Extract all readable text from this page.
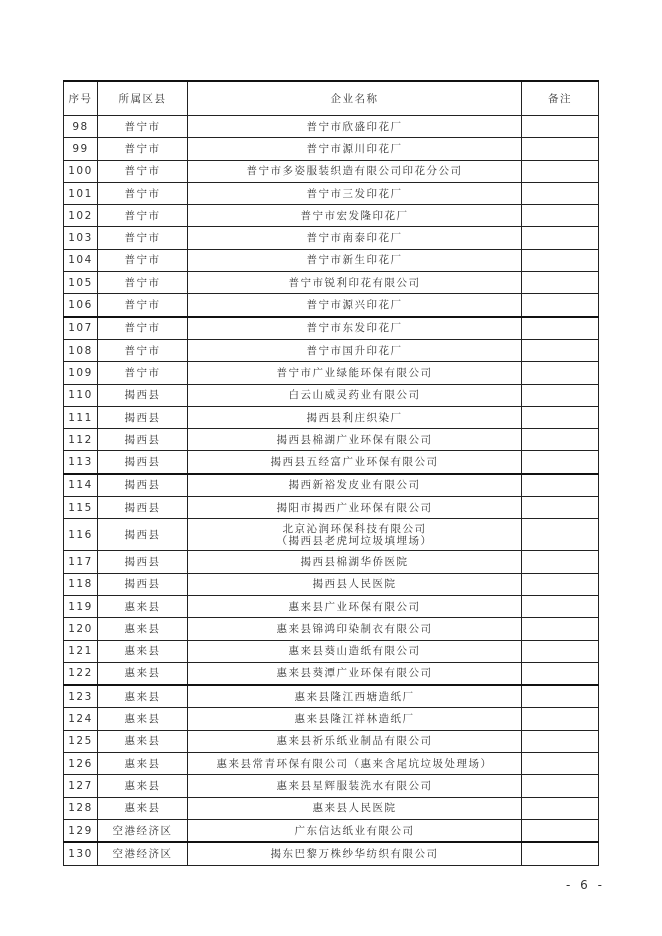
序号	所属区县	企业名称	备注
98	普宁市	普宁市欣盛印花厂	
99	普宁市	普宁市源川印花厂	
100	普宁市	普宁市多姿服装织造有限公司印花分公司	
101	普宁市	普宁市三发印花厂	
102	普宁市	普宁市宏发隆印花厂	
103	普宁市	普宁市南泰印花厂	
104	普宁市	普宁市新生印花厂	
105	普宁市	普宁市锐利印花有限公司	
106	普宁市	普宁市源兴印花厂	
107	普宁市	普宁市东发印花厂	
108	普宁市	普宁市国升印花厂	
109	普宁市	普宁市广业绿能环保有限公司	
110	揭西县	白云山威灵药业有限公司	
111	揭西县	揭西县利庄织染厂	
112	揭西县	揭西县棉湖广业环保有限公司	
113	揭西县	揭西县五经富广业环保有限公司	
114	揭西县	揭西新裕发皮业有限公司	
115	揭西县	揭阳市揭西广业环保有限公司	
116	揭西县	北京沁润环保科技有限公司
（揭西县老虎坷垃圾填埋场）	

117	揭西县	揭西县棉湖华侨医院	
118	揭西县	揭西县人民医院	
119	惠来县	惠来县广业环保有限公司	
120	惠来县	惠来县锦鸿印染制衣有限公司	
121	惠来县	惠来县葵山造纸有限公司	
122	惠来县	惠来县葵潭广业环保有限公司	
123	惠来县	惠来县隆江西塘造纸厂	
124	惠来县	惠来县隆江祥林造纸厂	
125	惠来县	惠来县祈乐纸业制品有限公司	
126	惠来县	惠来县常青环保有限公司（惠来含尾坑垃圾处理场）	
127	惠来县	惠来县星辉服装洗水有限公司	
128	惠来县	惠来县人民医院	
129	空港经济区	广东信达纸业有限公司	
130	空港经济区	揭东巴黎万株纱华纺织有限公司	
- 6 -
